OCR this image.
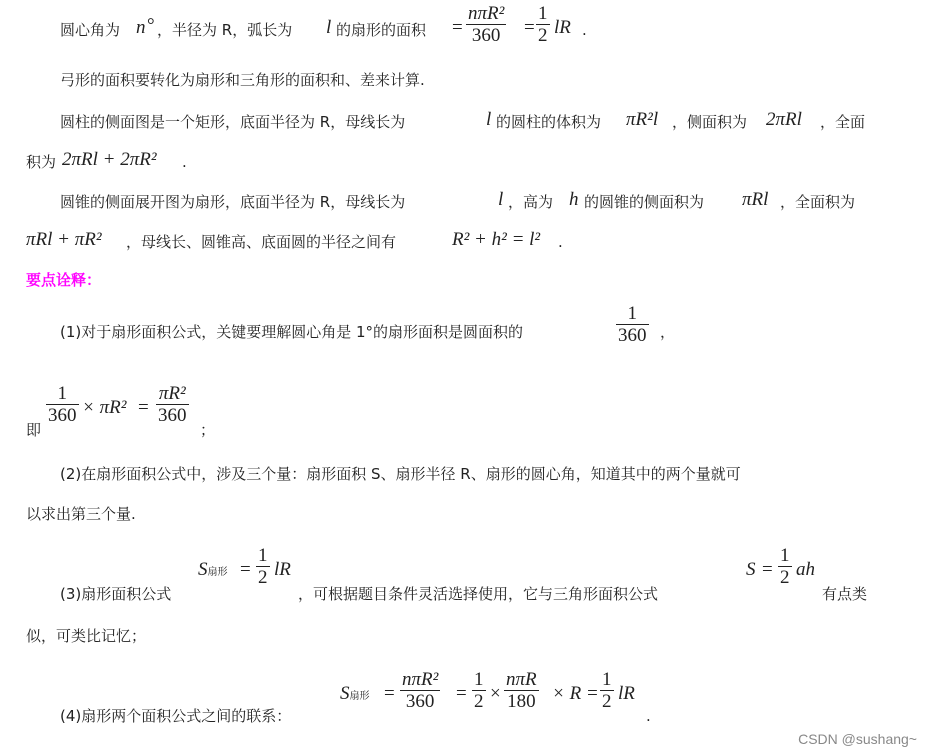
圆心角为 n ° ，半径为 R，弧长为 l 的扇形的面积 =
nπR²
360 =
1
2 lR .
弓形的面积要转化为扇形和三角形的面积和、差来计算.
圆柱的侧面图是一个矩形，底面半径为 R，母线长为	l 的圆柱的体积为 πR²l ，侧面积为 2πRl ，全面
积为 2πRl + 2πR² .
圆锥的侧面展开图为扇形，底面半径为 R，母线长为	l ，高为 h 的圆锥的侧面积为 πRl ，全面积为
πRl + πR² ，母线长、圆锥高、底面圆的半径之间有	R² + h² = l² .
要点诠释：
(1)对于扇形面积公式，关键要理解圆心角是 1°的扇形面积是圆面积的
1
360 ，
即
1
360 × πR² =
πR²
360
；
(2)在扇形面积公式中，涉及三个量：扇形面积 S、扇形半径 R、扇形的圆心角，知道其中的两个量就可
以求出第三个量.
(3)扇形面积公式
S扇形 =
1
2 lR
，可根据题目条件灵活选择使用，它与三角形面积公式
S =
1
2 ah
有点类
似，可类比记忆；
(4)扇形两个面积公式之间的联系：
S扇形 =
nπR²
360 =
1
2 ×
nπR
180 × R =
1
2 lR
.
CSDN @sushang~
